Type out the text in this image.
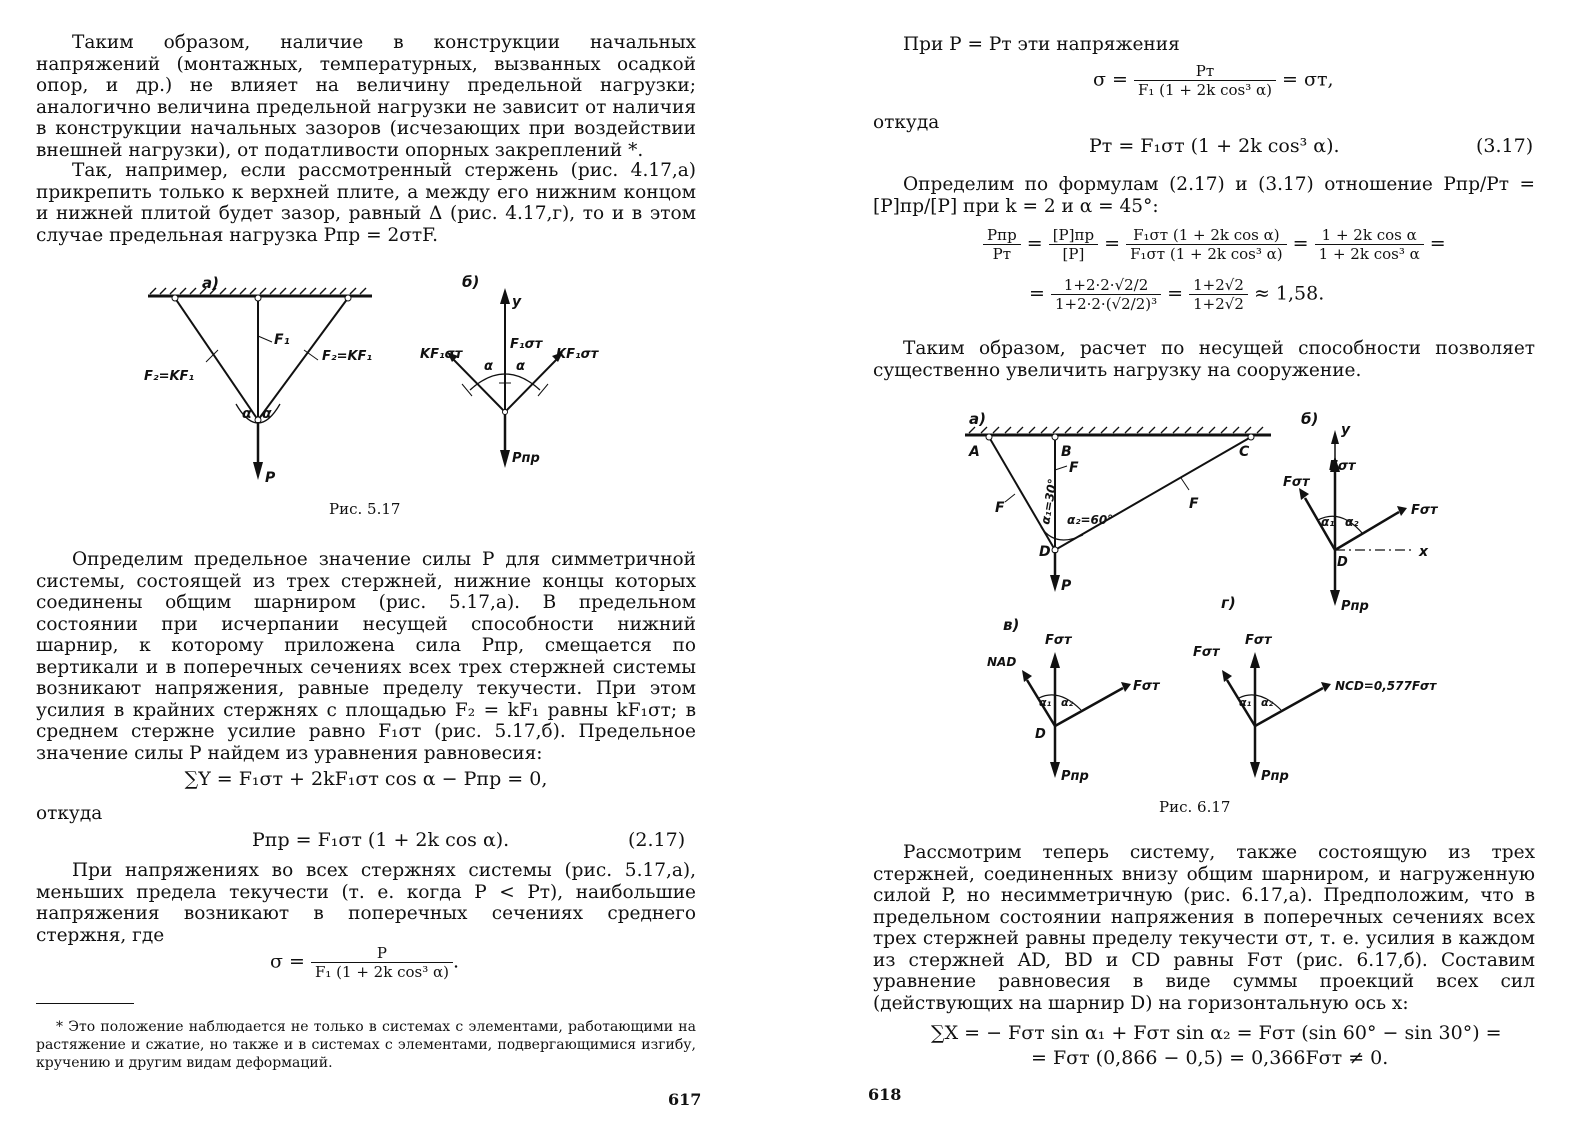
Таким образом, наличие в конструкции начальных напряжений (монтажных, температурных, вызванных осадкой опор, и др.) не влияет на величину предельной нагрузки; аналогично величина предельной нагрузки не зависит от наличия в конструкции начальных зазоров (исчезающих при воздействии внешней нагрузки), от податливости опорных закреплений *.

Так, например, если рассмотренный стержень (рис. 4.17,а) прикрепить только к верхней плите, а между его нижним концом и нижней плитой будет зазор, равный Δ (рис. 4.17,г), то и в этом случае предельная нагрузка Pпр = 2σтF.

а)
F₁
F₂=KF₁
F₂=KF₁
α α
P
б)
y
KF₁σт
F₁σт
KF₁σт
α α
Pпр
Рис. 5.17

Определим предельное значение силы P для симметричной системы, состоящей из трех стержней, нижние концы которых соединены общим шарниром (рис. 5.17,а). В предельном состоянии при исчерпании несущей способности нижний шарнир, к которому приложена сила Pпр, смещается по вертикали и в поперечных сечениях всех трех стержней системы возникают напряжения, равные пределу текучести. При этом усилия в крайних стержнях с площадью F₂ = kF₁ равны kF₁σт; в среднем стержне усилие равно F₁σт (рис. 5.17,б). Предельное значение силы P найдем из уравнения равновесия:

∑Y = F₁σт + 2kF₁σт cos α − Pпр = 0,
откуда
Pпр = F₁σт (1 + 2k cos α).	(2.17)

При напряжениях во всех стержнях системы (рис. 5.17,а), меньших предела текучести (т. е. когда P < Pт), наибольшие напряжения возникают в поперечных сечениях среднего стержня, где

$\sigma = \frac{P}{\text{F₁ (1 + 2k cos³ α)}}$ .

* Это положение наблюдается не только в системах с элементами, работающими на растяжение и сжатие, но также и в системах с элементами, подвергающимися изгибу, кручению и другим видам деформаций.

617

При P = Pт эти напряжения

$\sigma = \frac{Pт}{\text{F₁ (1 + 2k cos³ α)}} = \sigma т$,
откуда
Pт = F₁σт (1 + 2k cos³ α).	(3.17)

Определим по формулам (2.17) и (3.17) отношение Pпр/Pт = [P]пр/[P] при k = 2 и α = 45°:

$\frac{\text{Pпр}}{Pт} = \frac{[P]пр}{[P]} = \frac{\text{F₁σт (1 + 2k cos α)}}{\text{F₁σт (1 + 2k cos³ α)}} = \frac{\text{1 + 2k cos α}}{\text{1 + 2k cos³ α}}$ =
= $\frac{1+2\cdot 2\cdot√2/2}{\text{1+2·2·(√2/2)³}} = \frac{1+2√2}{1+2√2} \approx 1,58$.

Таким образом, расчет по несущей способности позволяет существенно увеличить нагрузку на сооружение.

а)
A	B	C
D
F
F	F
α₁=30° α₂=60°
P
б)
y
Fσт
Fσт
Fσт
α₁ α₂
x
D
Pпр
в)
Fσт
NAD
Fσт
α₁ α₂
D
Pпр
г)
Fσт
Fσт
NCD=0,577Fσт
α₁ α₂
Pпр
Рис. 6.17

Рассмотрим теперь систему, также состоящую из трех стержней, соединенных внизу общим шарниром, и нагруженную силой P, но несимметричную (рис. 6.17,а). Предположим, что в предельном состоянии напряжения в поперечных сечениях всех трех стержней равны пределу текучести σт, т. е. усилия в каждом из стержней AD, BD и CD равны Fσт (рис. 6.17,б). Составим уравнение равновесия в виде суммы проекций всех сил (действующих на шарнир D) на горизонтальную ось x:

∑X = − Fσт sin α₁ + Fσт sin α₂ = Fσт (sin 60° − sin 30°) =
= Fσт (0,866 − 0,5) = 0,366Fσт ≠ 0.
618
